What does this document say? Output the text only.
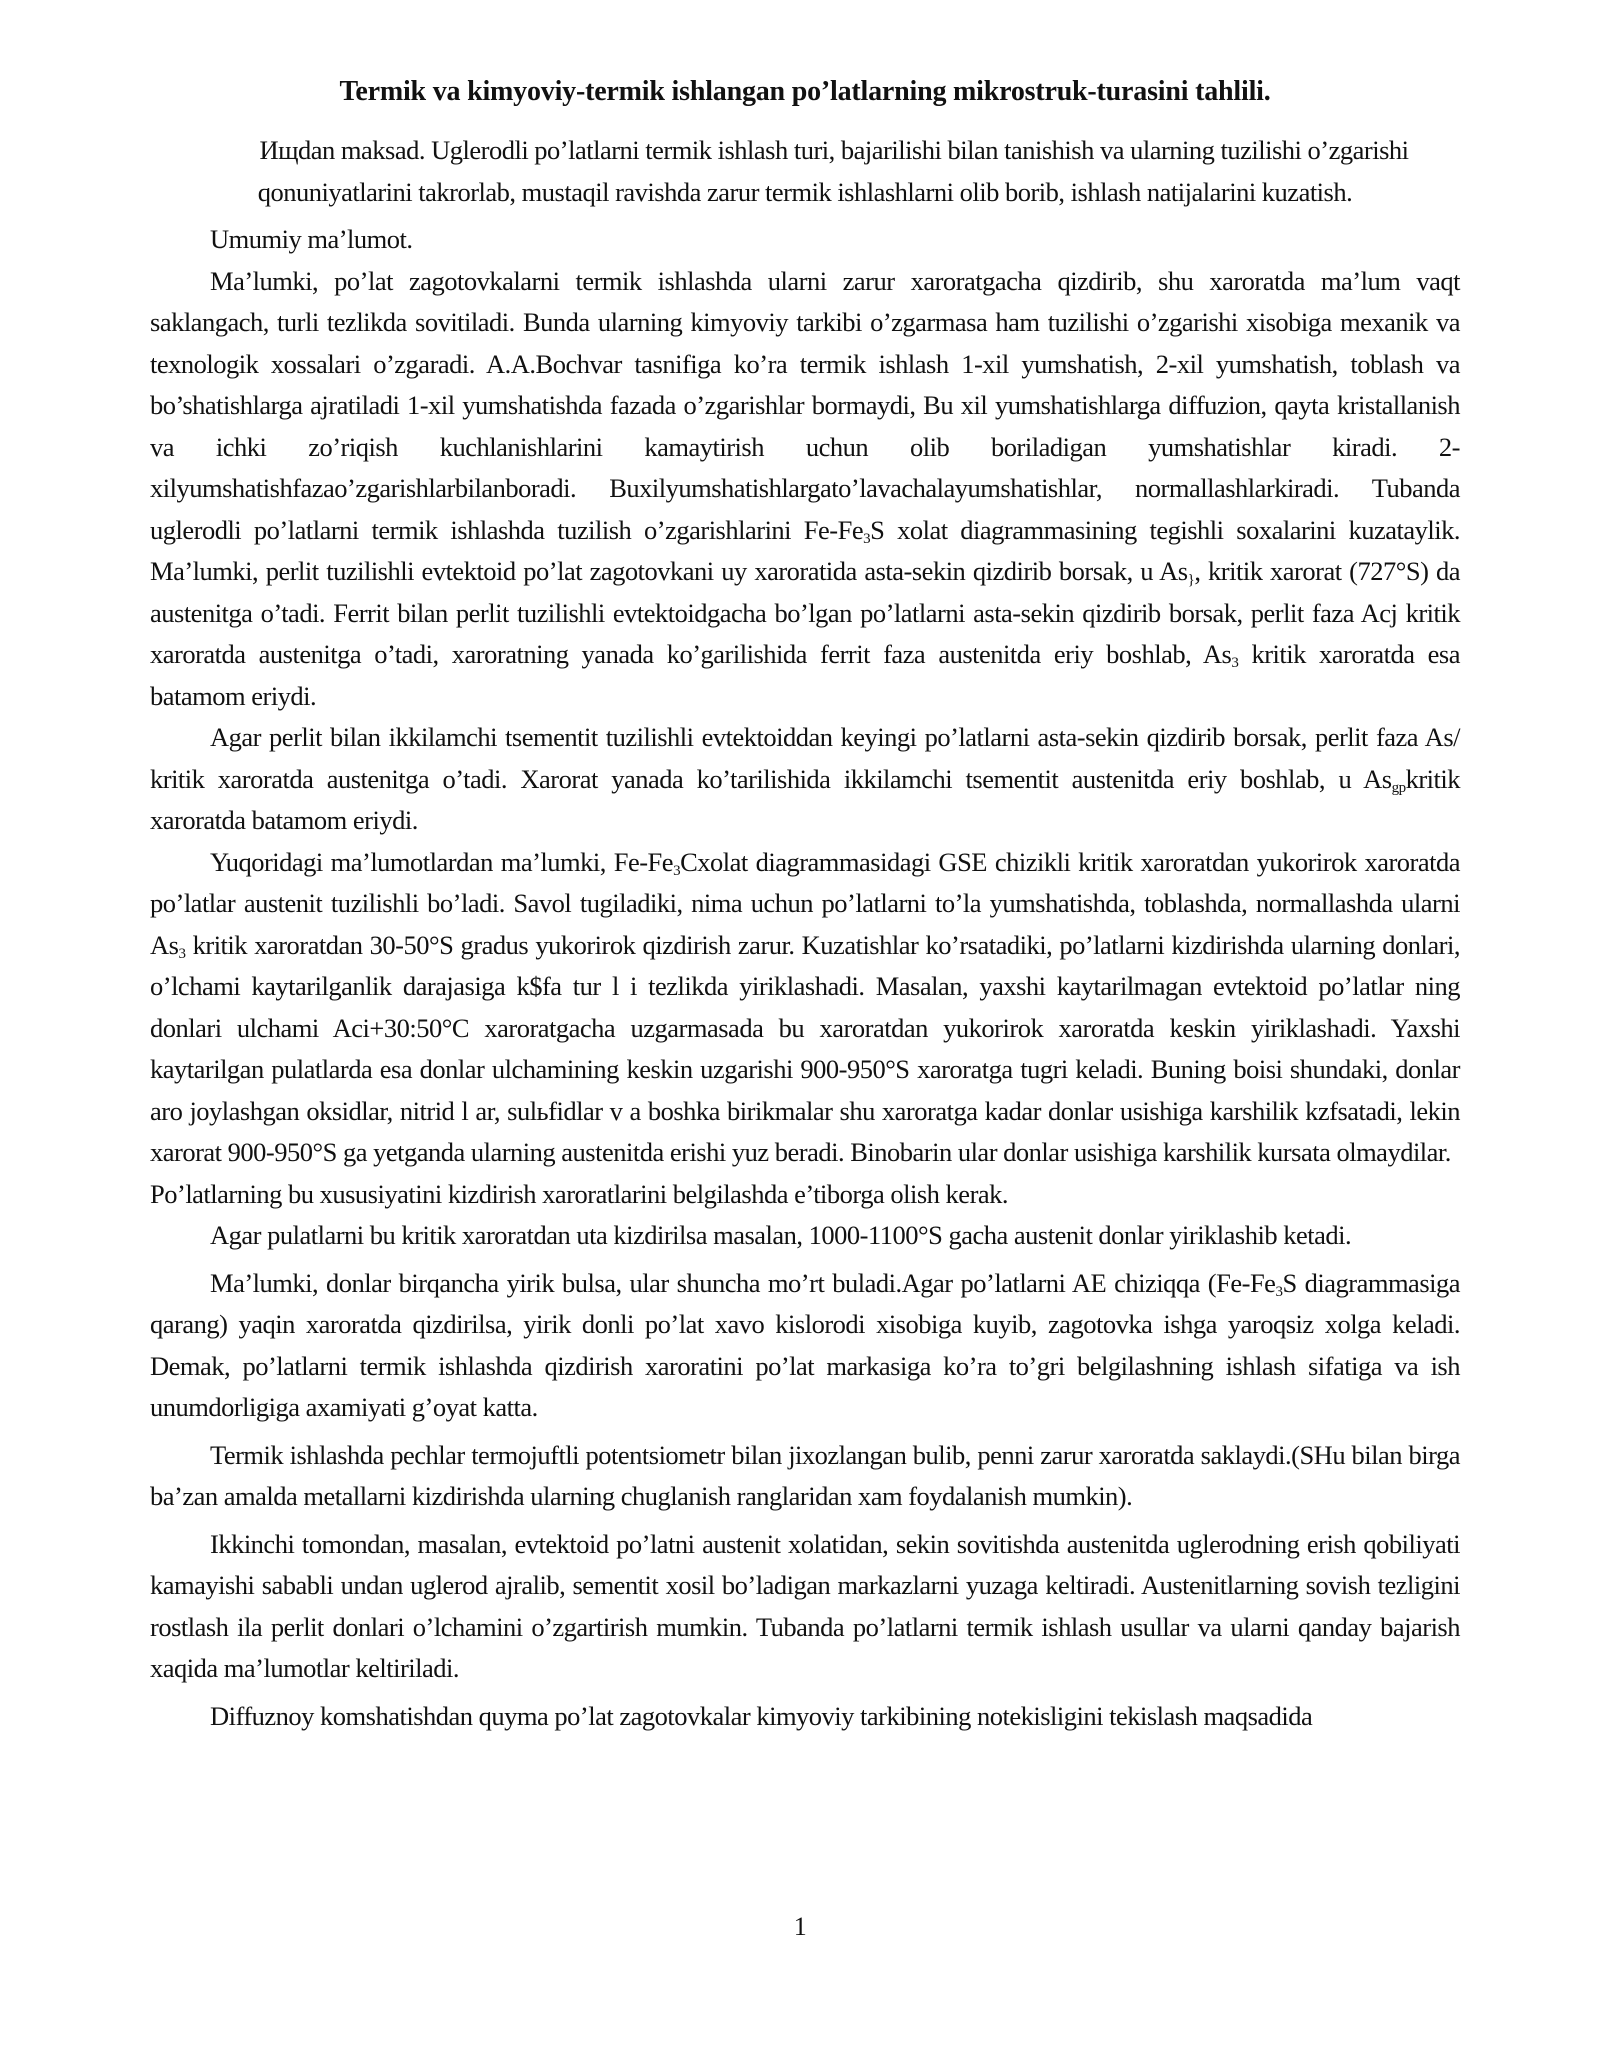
Termik va kimyoviy-termik ishlangan po’latlarning mikrostruk-turasini tahlili.

Ищdan maksad. Uglerodli po’latlarni termik ishlash turi, bajarilishi bilan tanishish va ularning tuzilishi o’zgarishi qonuniyatlarini takrorlab, mustaqil ravishda zarur termik ishlashlarni olib borib, ishlash natijalarini kuzatish.

Umumiy ma’lumot.

Ma’lumki, po’lat zagotovkalarni termik ishlashda ularni zarur xaroratgacha qizdirib, shu xaroratda ma’lum vaqt saklangach, turli tezlikda sovitiladi. Bunda ularning kimyoviy tarkibi o’zgarmasa ham tuzilishi o’zgarishi xisobiga mexanik va texnologik xossalari o’zgaradi. A.A.Bochvar tasnifiga ko’ra termik ishlash 1-xil yumshatish, 2-xil yumshatish, toblash va bo’shatishlarga ajratiladi 1-xil yumshatishda fazada o’zgarishlar bormaydi, Bu xil yumshatishlarga diffuzion, qayta kristallanish va ichki zo’riqish kuchlanishlarini kamaytirish uchun olib boriladigan yumshatishlar kiradi. 2-xilyumshatishfazao’zgarishlarbilanboradi. Buxilyumshatishlargato’lavachalayumshatishlar, normallashlarkiradi. Tubanda uglerodli po’latlarni termik ishlashda tuzilish o’zgarishlarini $Fe-Fe_3S$ xolat diagrammasining tegishli soxalarini kuzataylik. Ma’lumki, perlit tuzilishli evtektoid po’lat zagotovkani uy xaroratida asta-sekin qizdirib borsak, u $As_{\}}$, kritik xarorat (727°S) da austenitga o’tadi. Ferrit bilan perlit tuzilishli evtektoidgacha bo’lgan po’latlarni asta-sekin qizdirib borsak, perlit faza Acj kritik xaroratda austenitga o’tadi, xaroratning yanada ko’garilishida ferrit faza austenitda eriy boshlab, $As_3$ kritik xaroratda esa batamom eriydi.

Agar perlit bilan ikkilamchi tsementit tuzilishli evtektoiddan keyingi po’latlarni asta-sekin qizdirib borsak, perlit faza As/ kritik xaroratda austenitga o’tadi. Xarorat yanada ko’tarilishida ikkilamchi tsementit austenitda eriy boshlab, u $As_{gp}kritik$ xaroratda batamom eriydi.

Yuqoridagi ma’lumotlardan ma’lumki, $Fe-Fe_3Cxolat$ diagrammasidagi GSE chizikli kritik xaroratdan yukorirok xaroratda po’latlar austenit tuzilishli bo’ladi. Savol tugiladiki, nima uchun po’latlarni to’la yumshatishda, toblashda, normallashda ularni $As_3$ kritik xaroratdan 30-50°S gradus yukorirok qizdirish zarur. Kuzatishlar ko’rsatadiki, po’latlarni kizdirishda ularning donlari, o’lchami kaytarilganlik darajasiga k$fa tur l i tezlikda yiriklashadi. Masalan, yaxshi kaytarilmagan evtektoid po’latlar ning donlari ulchami Aci+30:50°C xaroratgacha uzgarmasada bu xaroratdan yukorirok xaroratda keskin yiriklashadi. Yaxshi kaytarilgan pulatlarda esa donlar ulchamining keskin uzgarishi 900-950°S xaroratga tugri keladi. Buning boisi shundaki, donlar aro joylashgan oksidlar, nitrid l ar, sulьfidlar v a boshka birikmalar shu xaroratga kadar donlar usishiga karshilik kzfsatadi, lekin xarorat 900-950°S ga yetganda ularning austenitda erishi yuz beradi. Binobarin ular donlar usishiga karshilik kursata olmaydilar.

Po’latlarning bu xususiyatini kizdirish xaroratlarini belgilashda e’tiborga olish kerak.

Agar pulatlarni bu kritik xaroratdan uta kizdirilsa masalan, 1000-1100°S gacha austenit donlar yiriklashib ketadi.

Ma’lumki, donlar birqancha yirik bulsa, ular shuncha mo’rt buladi.Agar po’latlarni AE chiziqqa ($Fe-Fe_3S$ diagrammasiga qarang) yaqin xaroratda qizdirilsa, yirik donli po’lat xavo kislorodi xisobiga kuyib, zagotovka ishga yaroqsiz xolga keladi. Demak, po’latlarni termik ishlashda qizdirish xaroratini po’lat markasiga ko’ra to’gri belgilashning ishlash sifatiga va ish unumdorligiga axamiyati g’oyat katta.

Termik ishlashda pechlar termojuftli potentsiometr bilan jixozlangan bulib, penni zarur xaroratda saklaydi.(SHu bilan birga ba’zan amalda metallarni kizdirishda ularning chuglanish ranglaridan xam foydalanish mumkin).

Ikkinchi tomondan, masalan, evtektoid po’latni austenit xolatidan, sekin sovitishda austenitda uglerodning erish qobiliyati kamayishi sababli undan uglerod ajralib, sementit xosil bo’ladigan markazlarni yuzaga keltiradi. Austenitlarning sovish tezligini rostlash ila perlit donlari o’lchamini o’zgartirish mumkin. Tubanda po’latlarni termik ishlash usullar va ularni qanday bajarish xaqida ma’lumotlar keltiriladi.

Diffuznoy komshatishdan quyma po’lat zagotovkalar kimyoviy tarkibining notekisligini tekislash maqsadida

1
